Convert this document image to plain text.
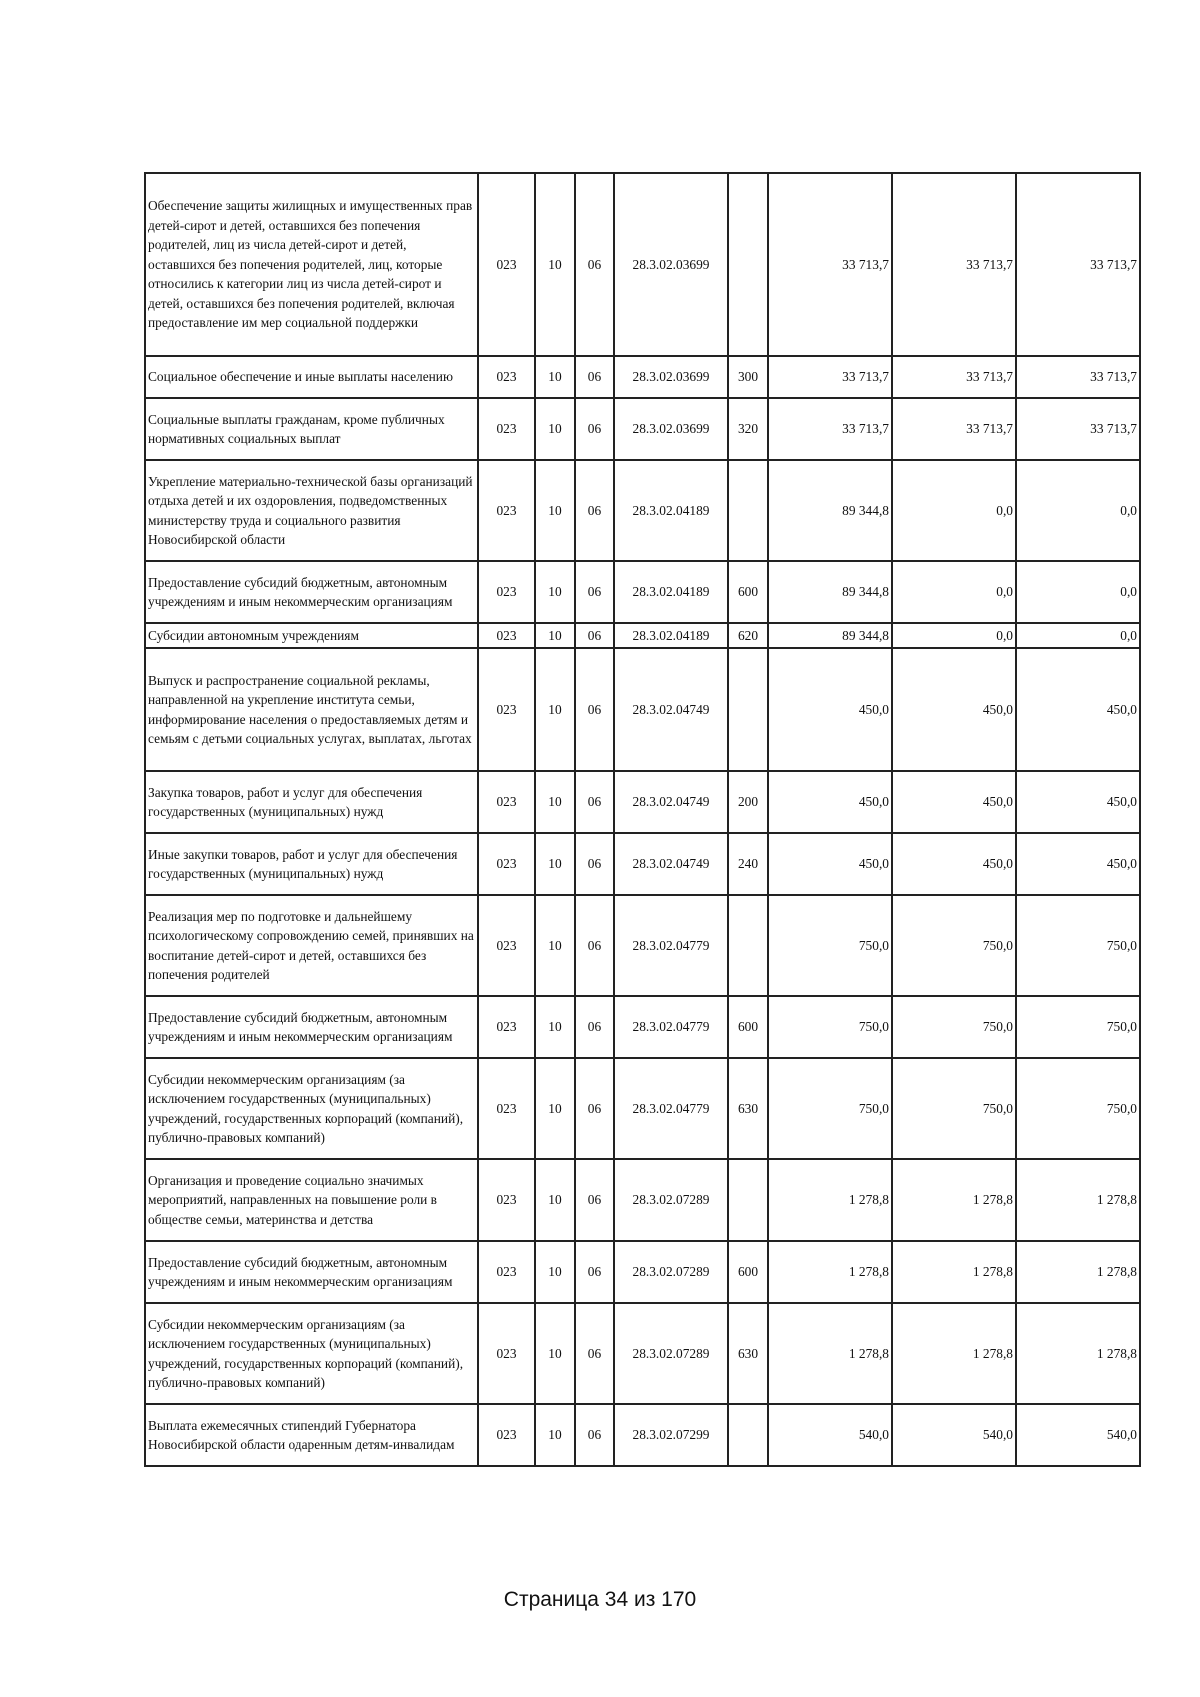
Обеспечение защиты жилищных и имущественных прав детей-сирот и детей, оставшихся без попечения родителей, лиц из числа детей-сирот и детей, оставшихся без попечения родителей, лиц, которые относились к категории лиц из числа детей-сирот и детей, оставшихся без попечения родителей, включая предоставление им мер социальной поддержки	023	10	06	28.3.02.03699		33 713,7	33 713,7	33 713,7
Социальное обеспечение и иные выплаты населению	023	10	06	28.3.02.03699	300	33 713,7	33 713,7	33 713,7
Социальные выплаты гражданам, кроме публичных нормативных социальных выплат	023	10	06	28.3.02.03699	320	33 713,7	33 713,7	33 713,7
Укрепление материально-технической базы организаций отдыха детей и их оздоровления, подведомственных министерству труда и социального развития Новосибирской области	023	10	06	28.3.02.04189		89 344,8	0,0	0,0
Предоставление субсидий бюджетным, автономным учреждениям и иным некоммерческим организациям	023	10	06	28.3.02.04189	600	89 344,8	0,0	0,0
Субсидии автономным учреждениям	023	10	06	28.3.02.04189	620	89 344,8	0,0	0,0
Выпуск и распространение социальной рекламы, направленной на укрепление института семьи, информирование населения о предоставляемых детям и семьям с детьми социальных услугах, выплатах, льготах	023	10	06	28.3.02.04749		450,0	450,0	450,0
Закупка товаров, работ и услуг для обеспечения государственных (муниципальных) нужд	023	10	06	28.3.02.04749	200	450,0	450,0	450,0
Иные закупки товаров, работ и услуг для обеспечения государственных (муниципальных) нужд	023	10	06	28.3.02.04749	240	450,0	450,0	450,0
Реализация мер по подготовке и дальнейшему психологическому сопровождению семей, принявших на воспитание детей-сирот и детей, оставшихся без попечения родителей	023	10	06	28.3.02.04779		750,0	750,0	750,0
Предоставление субсидий бюджетным, автономным учреждениям и иным некоммерческим организациям	023	10	06	28.3.02.04779	600	750,0	750,0	750,0
Субсидии некоммерческим организациям (за исключением государственных (муниципальных) учреждений, государственных корпораций (компаний), публично-правовых компаний)	023	10	06	28.3.02.04779	630	750,0	750,0	750,0
Организация и проведение социально значимых мероприятий, направленных на повышение роли в обществе семьи, материнства и детства	023	10	06	28.3.02.07289		1 278,8	1 278,8	1 278,8
Предоставление субсидий бюджетным, автономным учреждениям и иным некоммерческим организациям	023	10	06	28.3.02.07289	600	1 278,8	1 278,8	1 278,8
Субсидии некоммерческим организациям (за исключением государственных (муниципальных) учреждений, государственных корпораций (компаний), публично-правовых компаний)	023	10	06	28.3.02.07289	630	1 278,8	1 278,8	1 278,8
Выплата ежемесячных стипендий Губернатора Новосибирской области одаренным детям-инвалидам	023	10	06	28.3.02.07299		540,0	540,0	540,0
Страница 34 из 170
